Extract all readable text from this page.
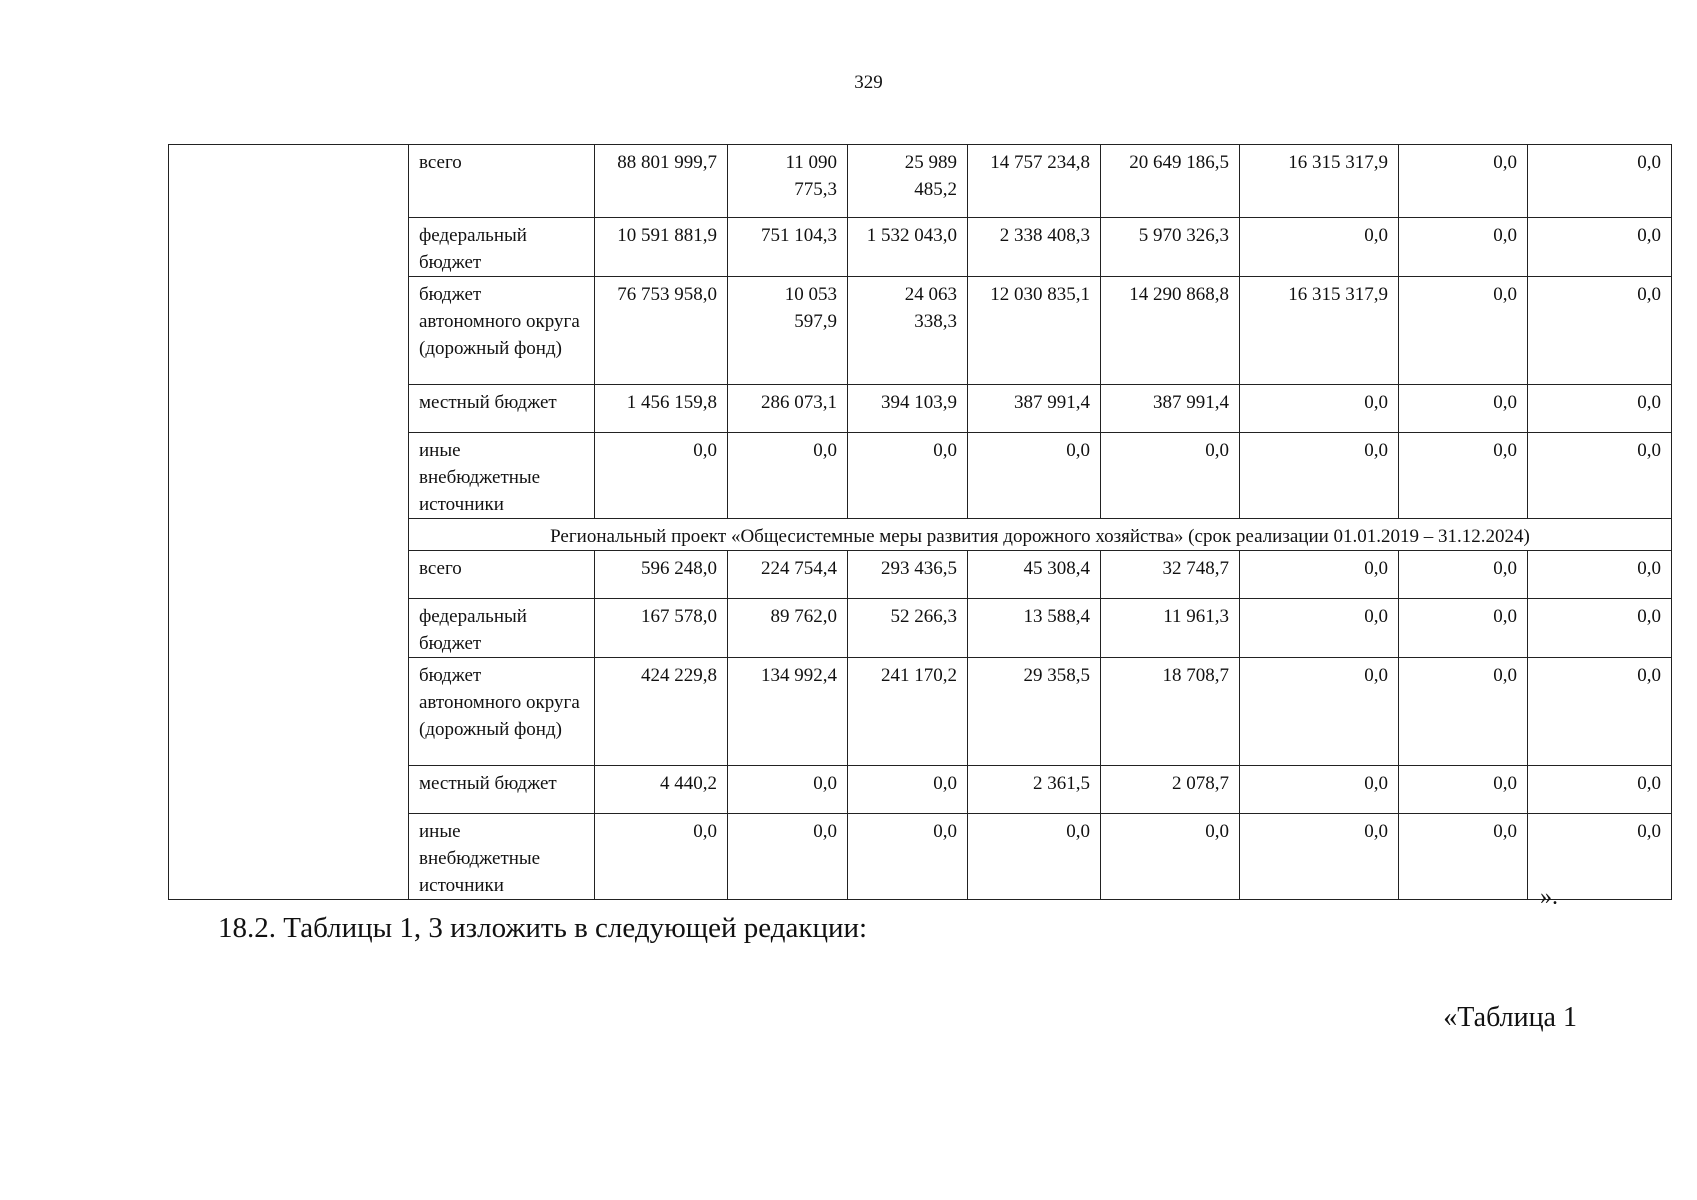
329
	всего	88 801 999,7	11 090 775,3	25 989 485,2	14 757 234,8	20 649 186,5	16 315 317,9	0,0	0,0
	федеральный бюджет	10 591 881,9	751 104,3	1 532 043,0	2 338 408,3	5 970 326,3	0,0	0,0	0,0
	бюджет автономного округа (дорожный фонд)	76 753 958,0	10 053 597,9	24 063 338,3	12 030 835,1	14 290 868,8	16 315 317,9	0,0	0,0
	местный бюджет	1 456 159,8	286 073,1	394 103,9	387 991,4	387 991,4	0,0	0,0	0,0
	иные внебюджетные источники	0,0	0,0	0,0	0,0	0,0	0,0	0,0	0,0
	Региональный проект «Общесистемные меры развития дорожного хозяйства» (срок реализации 01.01.2019 – 31.12.2024)								
	всего	596 248,0	224 754,4	293 436,5	45 308,4	32 748,7	0,0	0,0	0,0
	федеральный бюджет	167 578,0	89 762,0	52 266,3	13 588,4	11 961,3	0,0	0,0	0,0
	бюджет автономного округа (дорожный фонд)	424 229,8	134 992,4	241 170,2	29 358,5	18 708,7	0,0	0,0	0,0
	местный бюджет	4 440,2	0,0	0,0	2 361,5	2 078,7	0,0	0,0	0,0
	иные внебюджетные источники	0,0	0,0	0,0	0,0	0,0	0,0	0,0	0,0
».
18.2. Таблицы 1, 3 изложить в следующей редакции:
«Таблица 1
